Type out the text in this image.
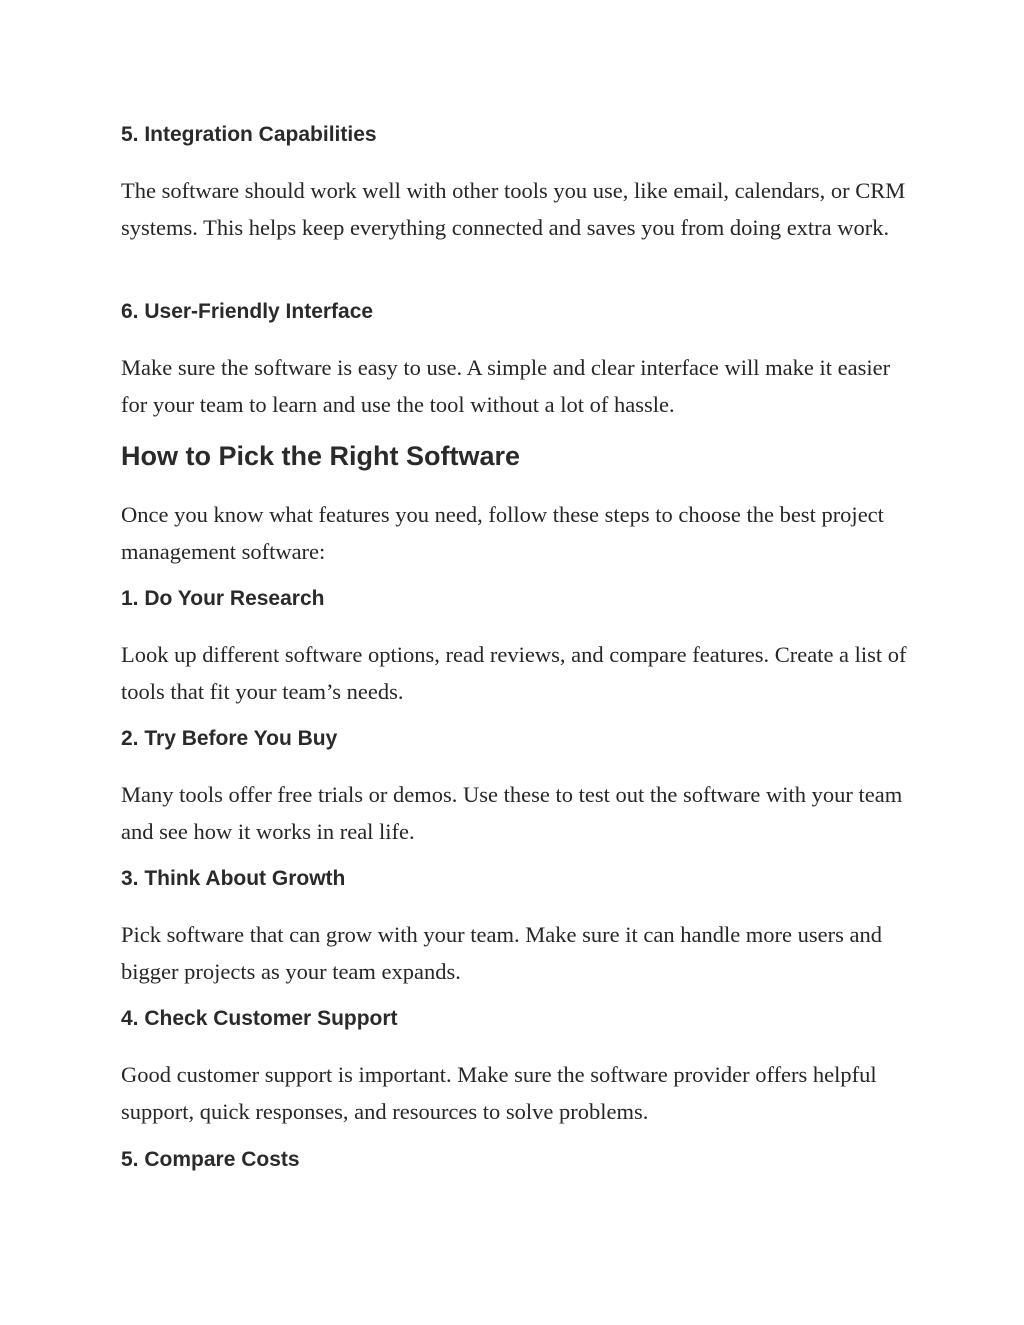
5. Integration Capabilities

The software should work well with other tools you use, like email, calendars, or CRM systems. This helps keep everything connected and saves you from doing extra work.

6. User-Friendly Interface

Make sure the software is easy to use. A simple and clear interface will make it easier for your team to learn and use the tool without a lot of hassle.

How to Pick the Right Software

Once you know what features you need, follow these steps to choose the best project management software:

1. Do Your Research

Look up different software options, read reviews, and compare features. Create a list of tools that fit your team’s needs.

2. Try Before You Buy

Many tools offer free trials or demos. Use these to test out the software with your team and see how it works in real life.

3. Think About Growth

Pick software that can grow with your team. Make sure it can handle more users and bigger projects as your team expands.

4. Check Customer Support

Good customer support is important. Make sure the software provider offers helpful support, quick responses, and resources to solve problems.

5. Compare Costs
